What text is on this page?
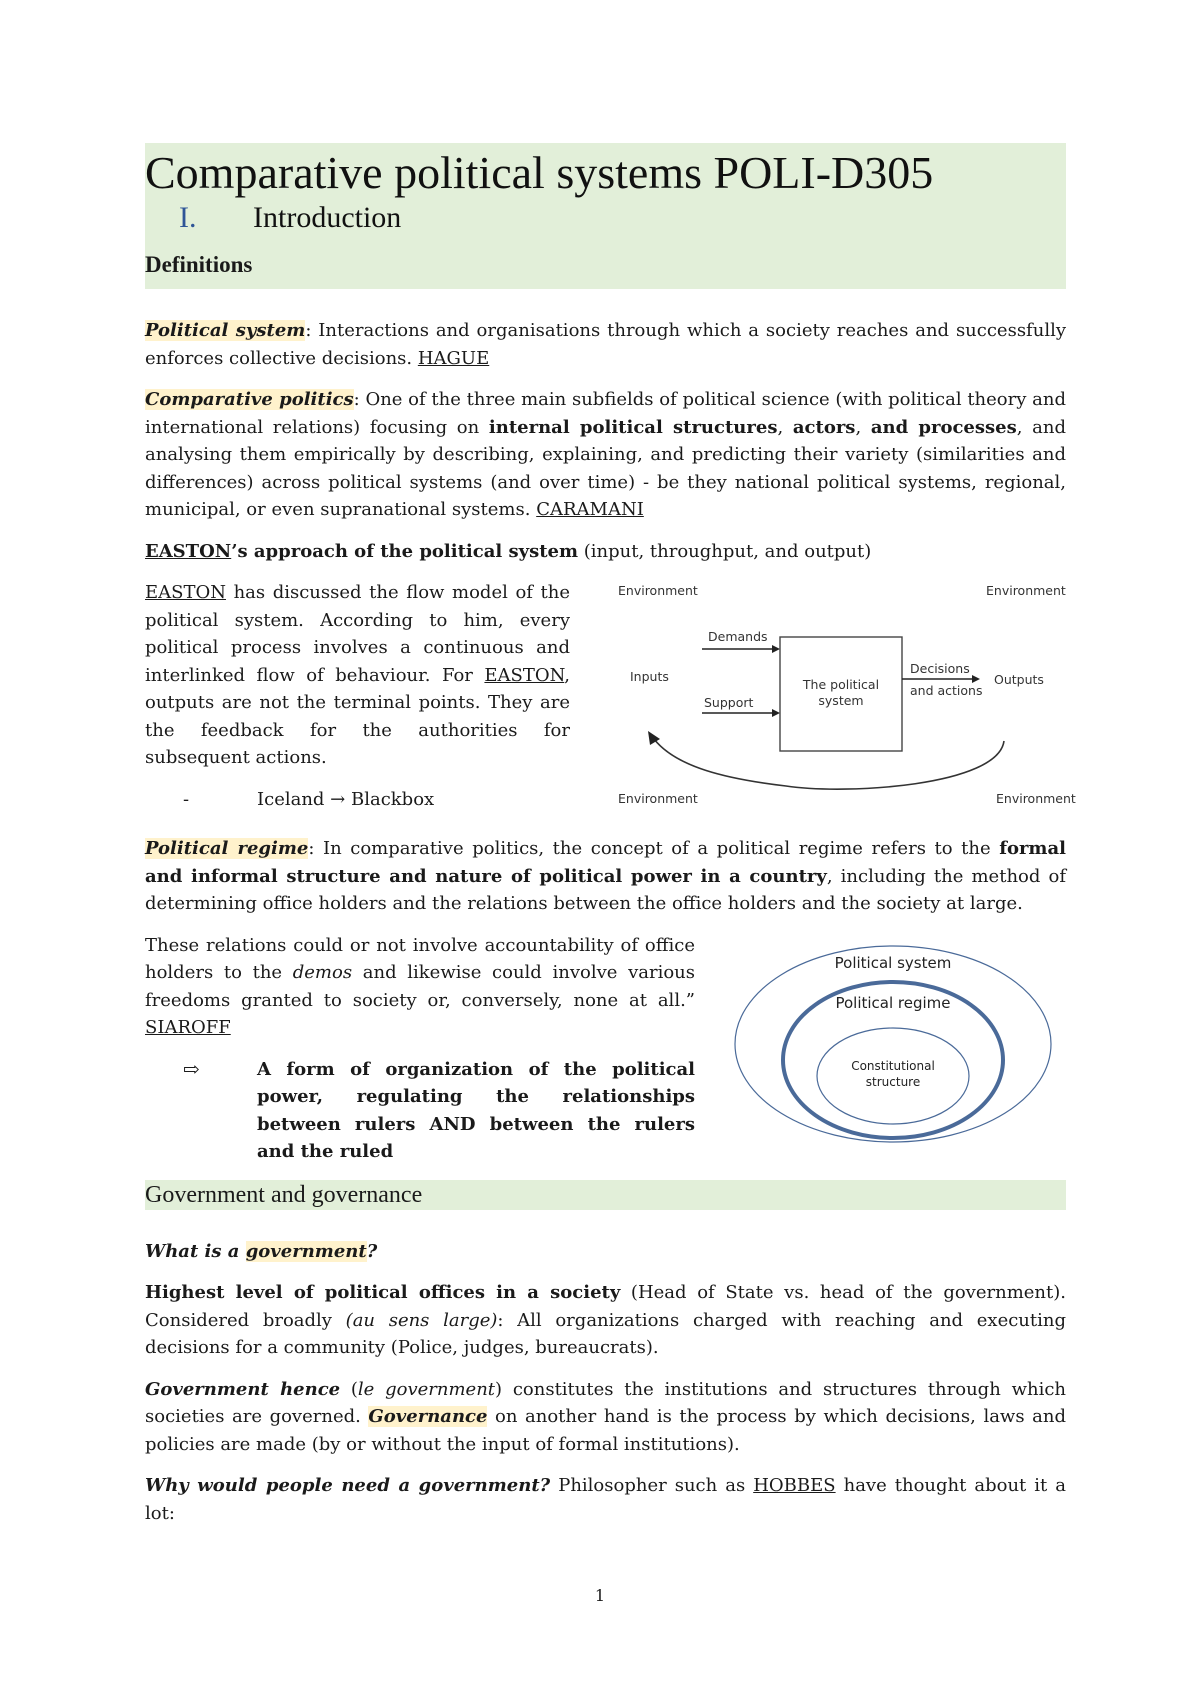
Comparative political systems POLI-D305
I.	Introduction
Definitions

Political system: Interactions and organisations through which a society reaches and successfully enforces collective decisions. HAGUE

Comparative politics: One of the three main subfields of political science (with political theory and international relations) focusing on internal political structures, actors, and processes, and analysing them empirically by describing, explaining, and predicting their variety (similarities and differences) across political systems (and over time) - be they national political systems, regional, municipal, or even supranational systems. CARAMANI

EASTON’s approach of the political system (input, throughput, and output)

EASTON has discussed the flow model of the political system. According to him, every political process involves a continuous and interlinked flow of behaviour. For EASTON, outputs are not the terminal points. They are the feedback for the authorities for subsequent actions.

-	Iceland → Blackbox
Environment	Environment
Environment	Environment
Inputs
Demands
Support
The political
system
Decisions
and actions
Outputs

Political regime: In comparative politics, the concept of a political regime refers to the formal and informal structure and nature of political power in a country, including the method of determining office holders and the relations between the office holders and the society at large.

These relations could or not involve accountability of office holders to the demos and likewise could involve various freedoms granted to society or, conversely, none at all.” SIAROFF

⇨	A form of organization of the political power, regulating the relationships between rulers AND between the rulers and the ruled
Political system
Political regime
Constitutional
structure
Government and governance

What is a government?

Highest level of political offices in a society (Head of State vs. head of the government). Considered broadly (au sens large): All organizations charged with reaching and executing decisions for a community (Police, judges, bureaucrats).

Government hence (le government) constitutes the institutions and structures through which societies are governed. Governance on another hand is the process by which decisions, laws and policies are made (by or without the input of formal institutions).

Why would people need a government? Philosopher such as HOBBES have thought about it a lot:

1
